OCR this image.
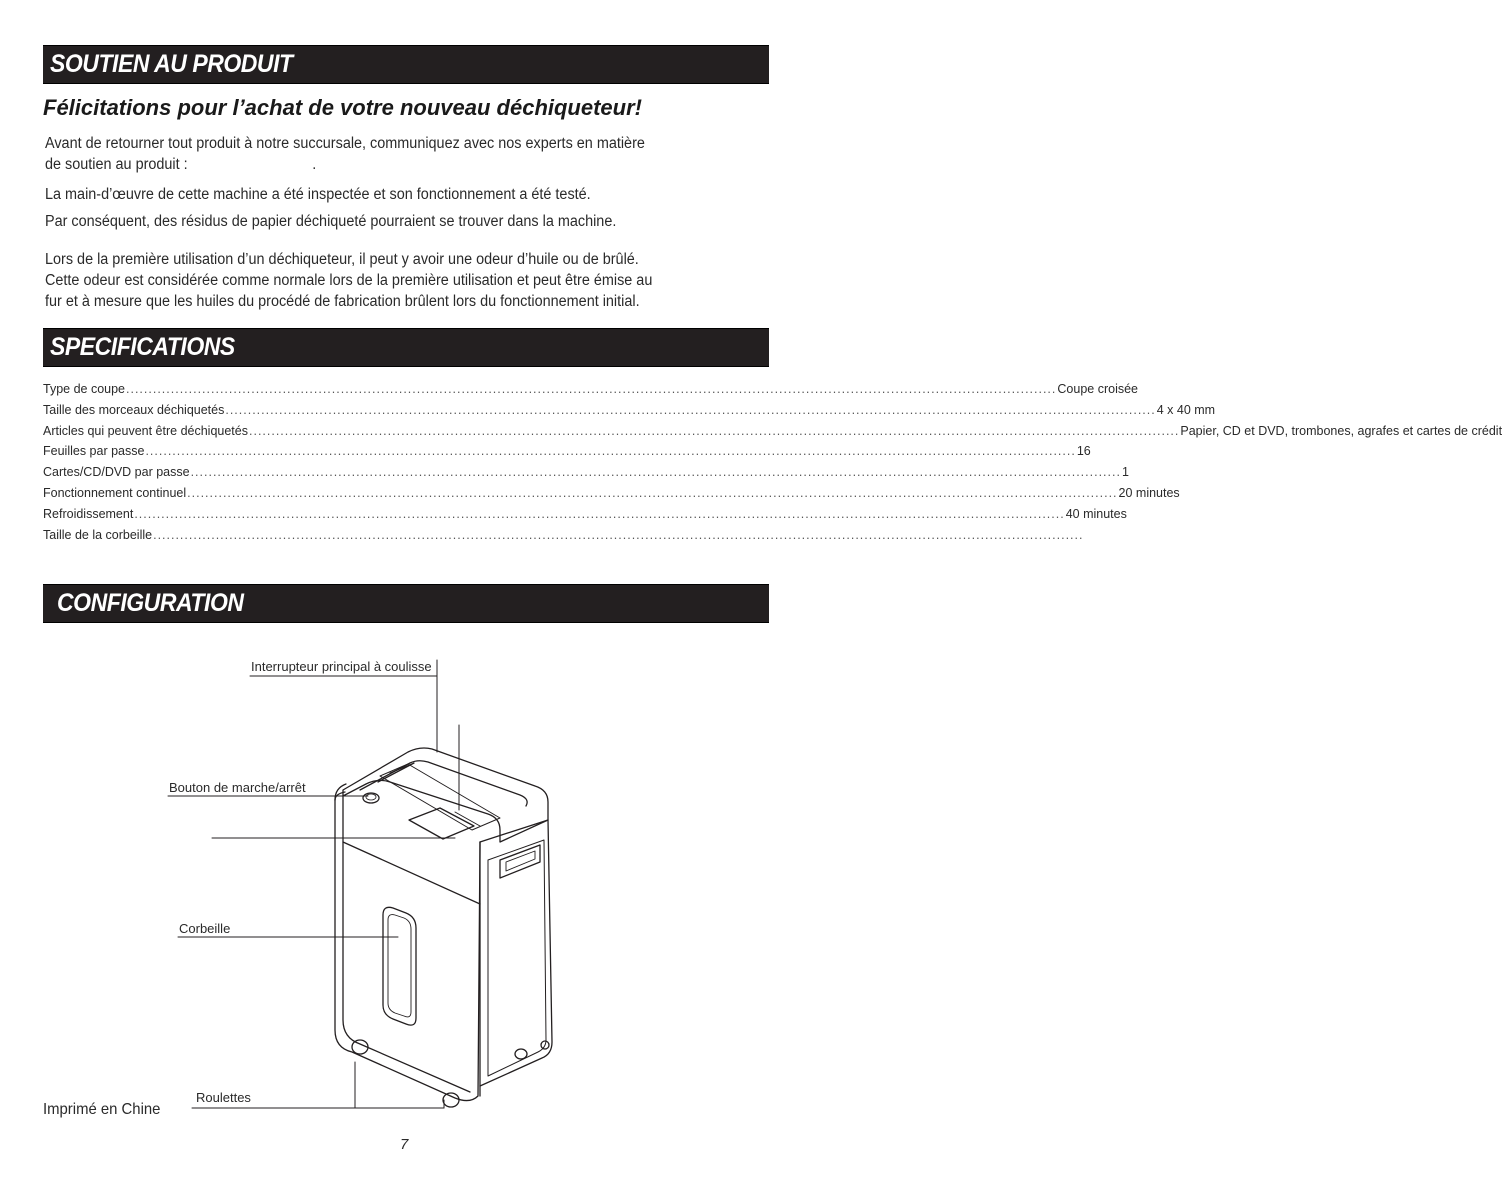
SOUTIEN AU PRODUIT
Félicitations pour l’achat de votre nouveau déchiqueteur!
Avant de retourner tout produit à notre succursale, communiquez avec nos experts en matière
de soutien au produit :	.
La main-d’œuvre de cette machine a été inspectée et son fonctionnement a été testé.
Par conséquent, des résidus de papier déchiqueté pourraient se trouver dans la machine.
Lors de la première utilisation d’un déchiqueteur, il peut y avoir une odeur d’huile ou de brûlé.
Cette odeur est considérée comme normale lors de la première utilisation et peut être émise au
fur et à mesure que les huiles du procédé de fabrication brûlent lors du fonctionnement initial.
SPECIFICATIONS
Type de coupe ................................................................................................................................................................................................................ Coupe croisée
Taille des morceaux déchiquetés ................................................................................................................................................................................................................ 4 x 40 mm
Articles qui peuvent être déchiquetés ................................................................................................................................................................................................................ Papier, CD et DVD, trombones, agrafes et cartes de crédit
Feuilles par passe ................................................................................................................................................................................................................ 16
Cartes/CD/DVD par passe ................................................................................................................................................................................................................ 1
Fonctionnement continuel ................................................................................................................................................................................................................ 20 minutes
Refroidissement ................................................................................................................................................................................................................ 40 minutes
Taille de la corbeille ................................................................................................................................................................................................................
CONFIGURATION
Interrupteur principal à coulisse
Bouton de marche/arrêt
Corbeille
Roulettes
Imprimé en Chine
7
